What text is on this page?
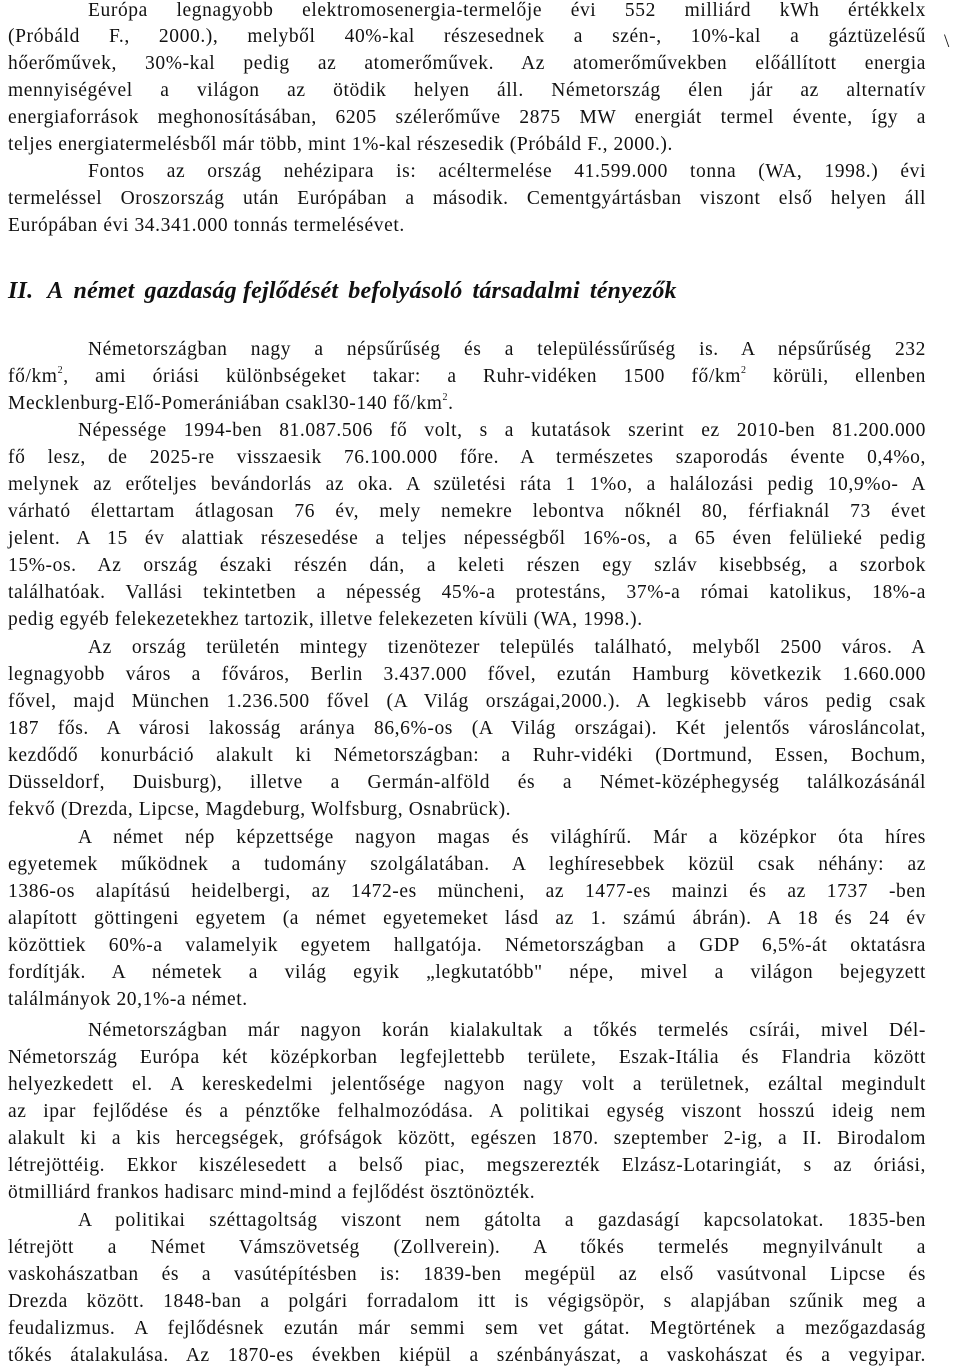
Európa legnagyobb elektromosenergia-termelője évi 552 milliárd kWh értékkelx
(Próbáld F., 2000.), melyből 40%-kal részesednek a szén-, 10%-kal a gáztüzelésű
hőerőművek, 30%-kal pedig az atomerőművek. Az atomerőművekben előállított energia
mennyiségével a világon az ötödik helyen áll. Németország élen jár az alternatív
energiaforrások meghonosításában, 6205 szélerőműve 2875 MW energiát termel évente, így a
teljes energiatermelésből már több, mint 1%-kal részesedik (Próbáld F., 2000.).
\
Fontos az ország nehézipara is: acéltermelése 41.599.000 tonna (WA, 1998.) évi
termeléssel Oroszország után Európában a második. Cementgyártásban viszont első helyen áll
Európában évi 34.341.000 tonnás termelésévet.
II. A német gazdaság fejlődését befolyásoló társadalmi tényezők
Németországban nagy a népsűrűség és a településsűrűség is. A népsűrűség 232
$fő/km^2$, ami óriási különbségeket takar: a Ruhr-vidéken 1500 $fő/km^2$ körüli, ellenben
Mecklenburg-Elő-Pomerániában csakl30-140 $fő/km^2$.
Népessége 1994-ben 81.087.506 fő volt, s a kutatások szerint ez 2010-ben 81.200.000
fő lesz, de 2025-re visszaesik 76.100.000 főre. A természetes szaporodás évente 0,4%o,
melynek az erőteljes bevándorlás az oka. A születési ráta 1 1%o, a halálozási pedig 10,9%o- A
várható élettartam átlagosan 76 év, mely nemekre lebontva nőknél 80, férfiaknál 73 évet
jelent. A 15 év alattiak részesedése a teljes népességből 16%-os, a 65 éven felülieké pedig
15%-os. Az ország északi részén dán, a keleti részen egy szláv kisebbség, a szorbok
találhatóak. Vallási tekintetben a népesség 45%-a protestáns, 37%-a római katolikus, 18%-a
pedig egyéb felekezetekhez tartozik, illetve felekezeten kívüli (WA, 1998.).
Az ország területén mintegy tizenötezer település található, melyből 2500 város. A
legnagyobb város a főváros, Berlin 3.437.000 fővel, ezután Hamburg következik 1.660.000
fővel, majd München 1.236.500 fővel (A Világ országai,2000.). A legkisebb város pedig csak
187 fős. A városi lakosság aránya 86,6%-os (A Világ országai). Két jelentős városláncolat,
kezdődő konurbáció alakult ki Németországban: a Ruhr-vidéki (Dortmund, Essen, Bochum,
Düsseldorf, Duisburg), illetve a Germán-alföld és a Német-középhegység találkozásánál
fekvő (Drezda, Lipcse, Magdeburg, Wolfsburg, Osnabrück).
A német nép képzettsége nagyon magas és világhírű. Már a középkor óta híres
egyetemek működnek a tudomány szolgálatában. A leghíresebbek közül csak néhány: az
1386-os alapítású heidelbergi, az 1472-es müncheni, az 1477-es mainzi és az 1737 -ben
alapított göttingeni egyetem (a német egyetemeket lásd az 1. számú ábrán). A 18 és 24 év
közöttiek 60%-a valamelyik egyetem hallgatója. Németországban a GDP 6,5%-át oktatásra
fordítják. A németek a világ egyik „legkutatóbb" népe, mivel a világon bejegyzett
találmányok 20,1%-a német.
Németországban már nagyon korán kialakultak a tőkés termelés csírái, mivel Dél-
Németország Európa két középkorban legfejlettebb területe, Eszak-Itália és Flandria között
helyezkedett el. A kereskedelmi jelentősége nagyon nagy volt a területnek, ezáltal megindult
az ipar fejlődése és a pénztőke felhalmozódása. A politikai egység viszont hosszú ideig nem
alakult ki a kis hercegségek, grófságok között, egészen 1870. szeptember 2-ig, a II. Birodalom
létrejöttéig. Ekkor kiszélesedett a belső piac, megszerezték Elzász-Lotaringiát, s az óriási,
ötmilliárd frankos hadisarc mind-mind a fejlődést ösztönözték.
A politikai széttagoltság viszont nem gátolta a gazdaságí kapcsolatokat. 1835-ben
létrejött a Német Vámszövetség (Zollverein). A tőkés termelés megnyilvánult a
vaskohászatban és a vasútépítésben is: 1839-ben megépül az első vasútvonal Lipcse és
Drezda között. 1848-ban a polgári forradalom itt is végigsöpör, s alapjában szűnik meg a
feudalizmus. A fejlődésnek ezután már semmi sem vet gátat. Megtörtének a mezőgazdaság
tőkés átalakulása. Az 1870-es években kiépül a szénbányászat, a vaskohászat és a vegyipar.
